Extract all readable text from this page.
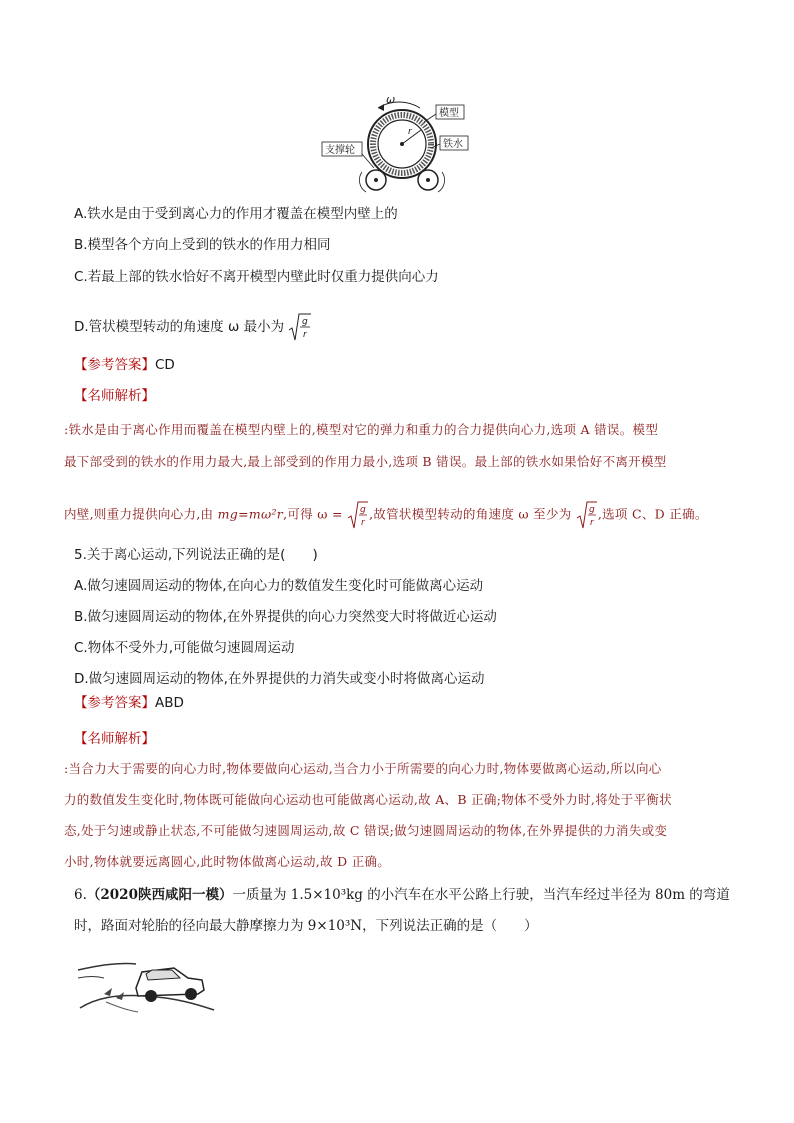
ω
r
模型
铁水
支撑轮
A.铁水是由于受到离心力的作用才覆盖在模型内壁上的
B.模型各个方向上受到的铁水的作用力相同
C.若最上部的铁水恰好不离开模型内壁此时仅重力提供向心力
D.管状模型转动的角速度 ω 最小为 g
r
【参考答案】CD
【名师解析】
:铁水是由于离心作用而覆盖在模型内壁上的,模型对它的弹力和重力的合力提供向心力,选项 A 错误。模型
最下部受到的铁水的作用力最大,最上部受到的作用力最小,选项 B 错误。最上部的铁水如果恰好不离开模型
内壁,则重力提供向心力,由 mg=mω²r,可得 ω = g
r
,故管状模型转动的角速度 ω 至少为 g
r
,选项 C、D 正确。
5.关于离心运动,下列说法正确的是(　　)
A.做匀速圆周运动的物体,在向心力的数值发生变化时可能做离心运动
B.做匀速圆周运动的物体,在外界提供的向心力突然变大时将做近心运动
C.物体不受外力,可能做匀速圆周运动
D.做匀速圆周运动的物体,在外界提供的力消失或变小时将做离心运动
【参考答案】ABD
【名师解析】
:当合力大于需要的向心力时,物体要做向心运动,当合力小于所需要的向心力时,物体要做离心运动,所以向心
力的数值发生变化时,物体既可能做向心运动也可能做离心运动,故 A、B 正确;物体不受外力时,将处于平衡状
态,处于匀速或静止状态,不可能做匀速圆周运动,故 C 错误;做匀速圆周运动的物体,在外界提供的力消失或变
小时,物体就要远离圆心,此时物体做离心运动,故 D 正确。
6.（2020陕西咸阳一模）一质量为 1.5×10³kg 的小汽车在水平公路上行驶，当汽车经过半径为 80m 的弯道
时，路面对轮胎的径向最大静摩擦力为 9×10³N，下列说法正确的是（　　）
